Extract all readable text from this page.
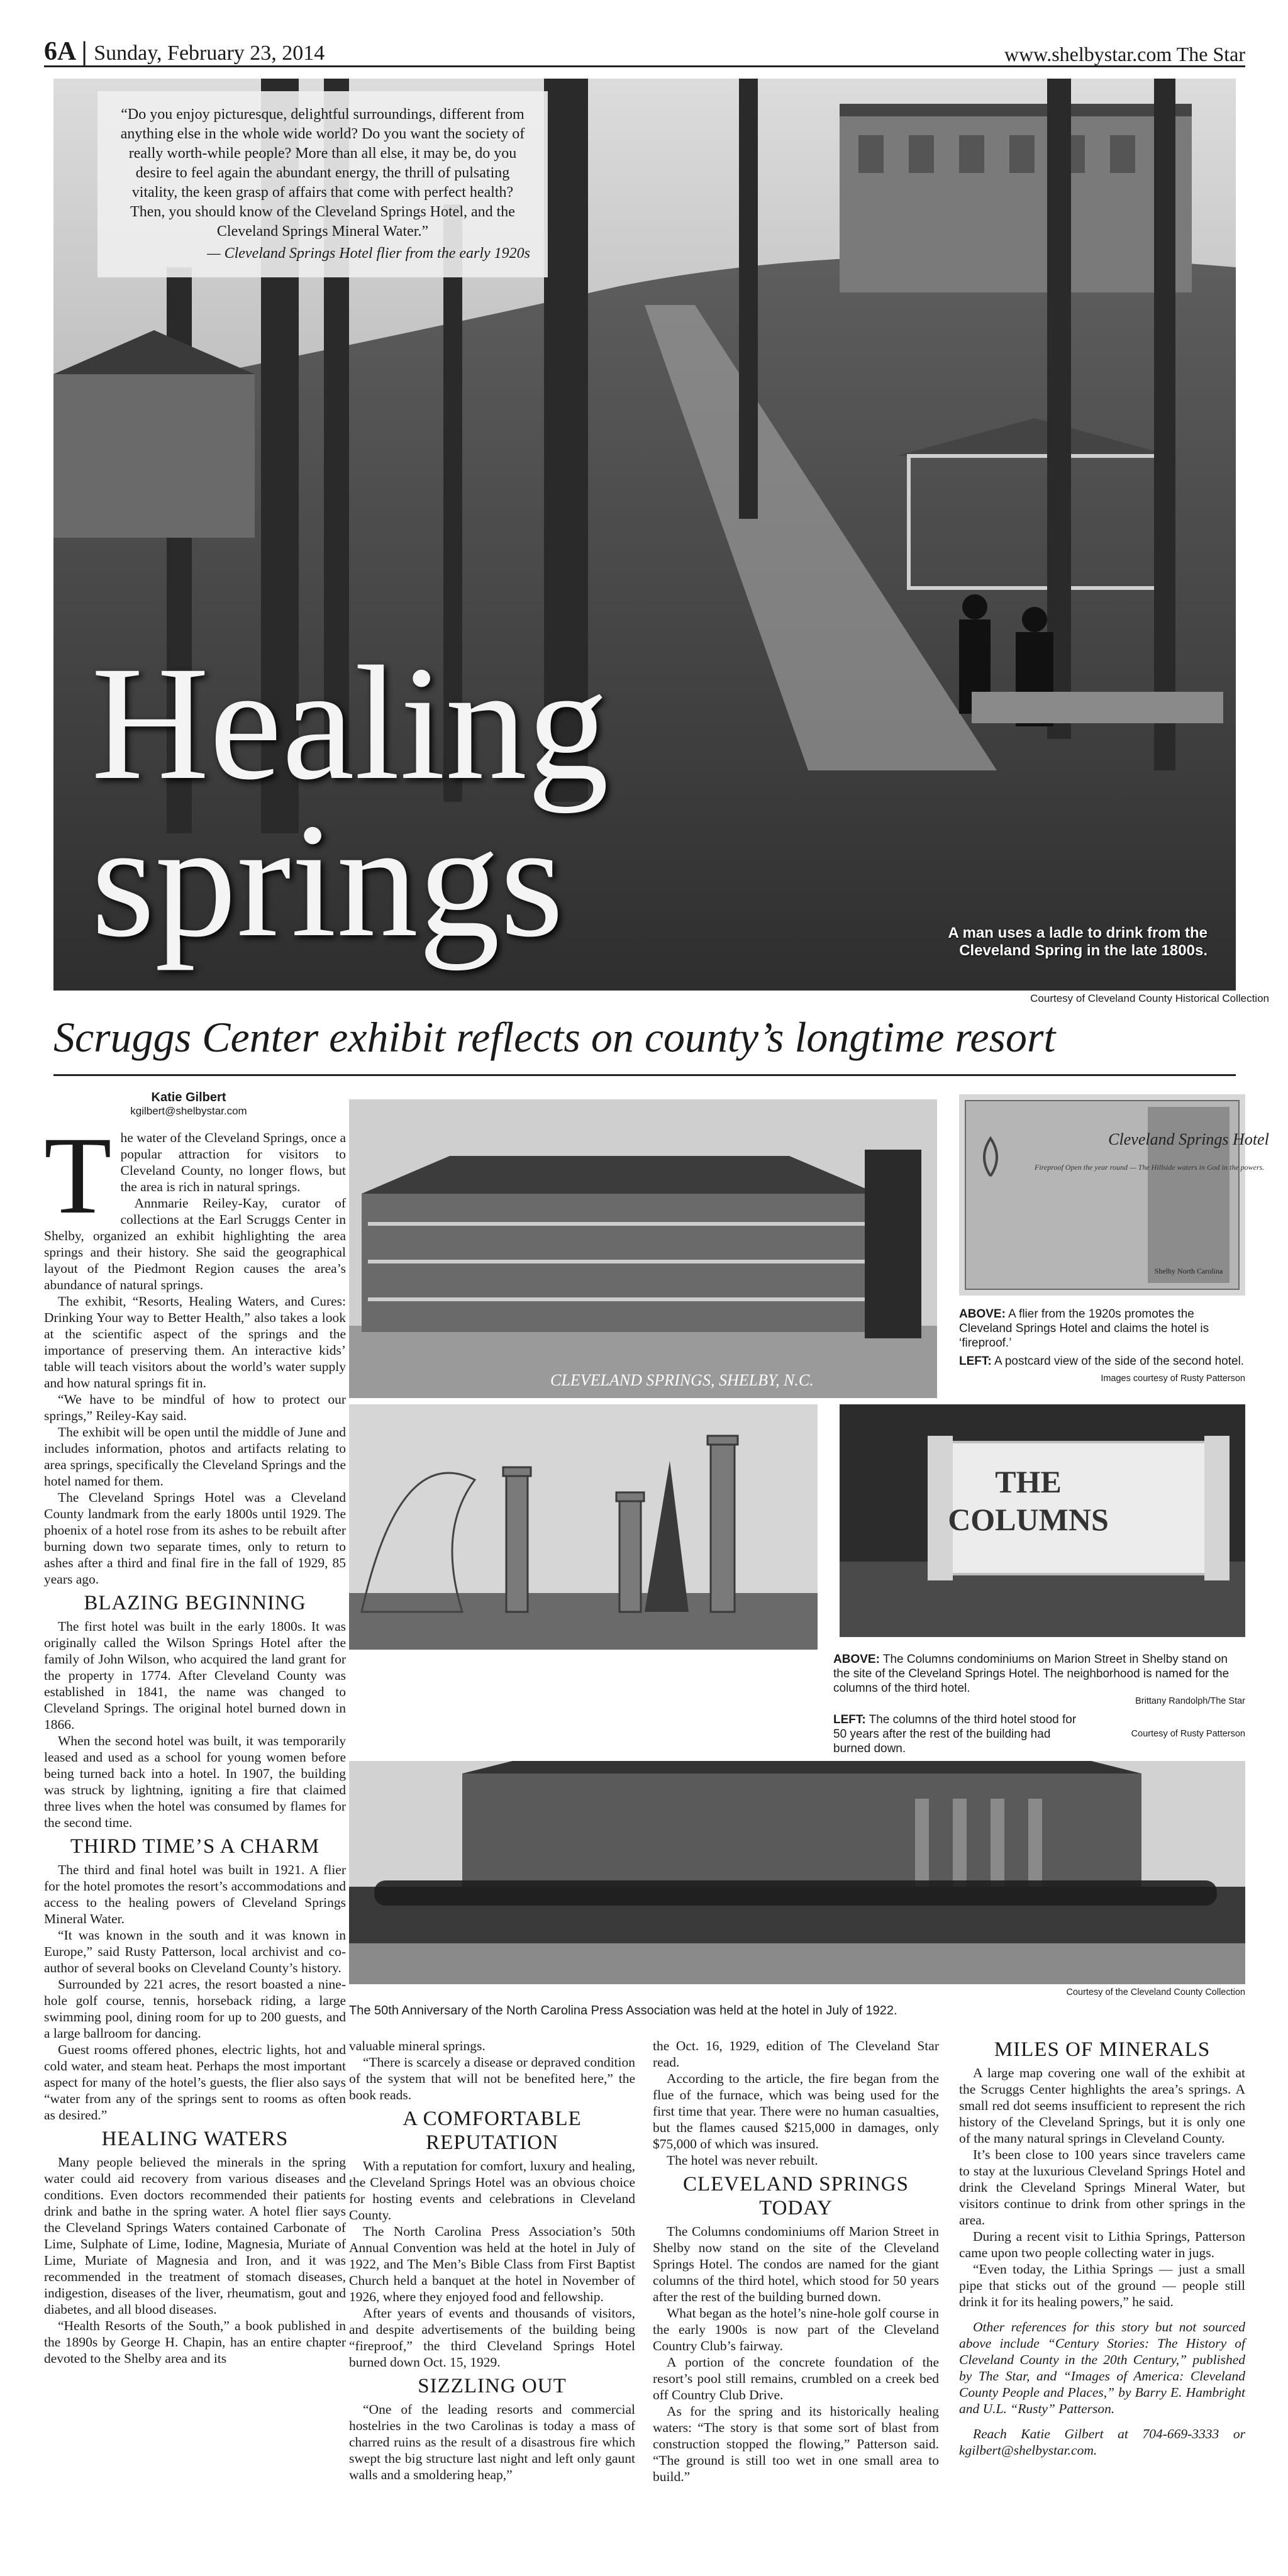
6A | Sunday, February 23, 2014	www.shelbystar.com The Star
“Do you enjoy picturesque, delightful surroundings, different from anything else in the whole wide world? Do you want the society of really worth-while people? More than all else, it may be, do you desire to feel again the abundant energy, the thrill of pulsating vitality, the keen grasp of affairs that come with perfect health? Then, you should know of the Cleveland Springs Hotel, and the Cleveland Springs Mineral Water.”
— Cleveland Springs Hotel flier from the early 1920s
Healing
springs	A man uses a ladle to drink from the Cleveland Spring in the late 1800s.
Courtesy of Cleveland County Historical Collection
Scruggs Center exhibit reflects on county’s longtime resort
Katie Gilbert
kgilbert@shelbystar.com

The water of the Cleveland Springs, once a popular attraction for visitors to Cleveland County, no longer flows, but the area is rich in natural springs.

Annmarie Reiley-Kay, curator of collections at the Earl Scruggs Center in Shelby, organized an exhibit highlighting the area springs and their history. She said the geographical layout of the Piedmont Region causes the area’s abundance of natural springs.

The exhibit, “Resorts, Healing Waters, and Cures: Drinking Your way to Better Health,” also takes a look at the scientific aspect of the springs and the importance of preserving them. An interactive kids’ table will teach visitors about the world’s water supply and how natural springs fit in.

“We have to be mindful of how to protect our springs,” Reiley-Kay said.

The exhibit will be open until the middle of June and includes information, photos and artifacts relating to area springs, specifically the Cleveland Springs and the hotel named for them.

The Cleveland Springs Hotel was a Cleveland County landmark from the early 1800s until 1929. The phoenix of a hotel rose from its ashes to be rebuilt after burning down two separate times, only to return to ashes after a third and final fire in the fall of 1929, 85 years ago.

BLAZING BEGINNING

The first hotel was built in the early 1800s. It was originally called the Wilson Springs Hotel after the family of John Wilson, who acquired the land grant for the property in 1774. After Cleveland County was established in 1841, the name was changed to Cleveland Springs. The original hotel burned down in 1866.

When the second hotel was built, it was temporarily leased and used as a school for young women before being turned back into a hotel. In 1907, the building was struck by lightning, igniting a fire that claimed three lives when the hotel was consumed by flames for the second time.

THIRD TIME’S A CHARM

The third and final hotel was built in 1921. A flier for the hotel promotes the resort’s accommodations and access to the healing powers of Cleveland Springs Mineral Water.

“It was known in the south and it was known in Europe,” said Rusty Patterson, local archivist and co-author of several books on Cleveland County’s history.

Surrounded by 221 acres, the resort boasted a nine-hole golf course, tennis, horseback riding, a large swimming pool, dining room for up to 200 guests, and a large ballroom for dancing.

Guest rooms offered phones, electric lights, hot and cold water, and steam heat. Perhaps the most important aspect for many of the hotel’s guests, the flier also says “water from any of the springs sent to rooms as often as desired.”

HEALING WATERS

Many people believed the minerals in the spring water could aid recovery from various diseases and conditions. Even doctors recommended their patients drink and bathe in the spring water. A hotel flier says the Cleveland Springs Waters contained Carbonate of Lime, Sulphate of Lime, Iodine, Magnesia, Muriate of Lime, Muriate of Magnesia and Iron, and it was recommended in the treatment of stomach diseases, indigestion, diseases of the liver, rheumatism, gout and diabetes, and all blood diseases.

“Health Resorts of the South,” a book published in the 1890s by George H. Chapin, has an entire chapter devoted to the Shelby area and its

CLEVELAND SPRINGS, SHELBY, N.C.
Cleveland Springs Hotel
Fireproof Open the year round — The Hillside waters in God in the powers.
Shelby North Carolina
ABOVE: A flier from the 1920s promotes the Cleveland Springs Hotel and claims the hotel is ‘fireproof.’
LEFT: A postcard view of the side of the second hotel.
Images courtesy of Rusty Patterson
THE
COLUMNS
ABOVE: The Columns condominiums on Marion Street in Shelby stand on the site of the Cleveland Springs Hotel. The neighborhood is named for the columns of the third hotel.
Brittany Randolph/The Star
LEFT: The columns of the third hotel stood for 50 years after the rest of the building had burned down.
Courtesy of Rusty Patterson
Courtesy of the Cleveland County Collection
The 50th Anniversary of the North Carolina Press Association was held at the hotel in July of 1922.

valuable mineral springs.

“There is scarcely a disease or depraved condition of the system that will not be benefited here,” the book reads.

A COMFORTABLE REPUTATION

With a reputation for comfort, luxury and healing, the Cleveland Springs Hotel was an obvious choice for hosting events and celebrations in Cleveland County.

The North Carolina Press Association’s 50th Annual Convention was held at the hotel in July of 1922, and The Men’s Bible Class from First Baptist Church held a banquet at the hotel in November of 1926, where they enjoyed food and fellowship.

After years of events and thousands of visitors, and despite advertisements of the building being “fireproof,” the third Cleveland Springs Hotel burned down Oct. 15, 1929.

SIZZLING OUT

“One of the leading resorts and commercial hostelries in the two Carolinas is today a mass of charred ruins as the result of a disastrous fire which swept the big structure last night and left only gaunt walls and a smoldering heap,”

the Oct. 16, 1929, edition of The Cleveland Star read.

According to the article, the fire began from the flue of the furnace, which was being used for the first time that year. There were no human casualties, but the flames caused $215,000 in damages, only $75,000 of which was insured.

The hotel was never rebuilt.

CLEVELAND SPRINGS TODAY

The Columns condominiums off Marion Street in Shelby now stand on the site of the Cleveland Springs Hotel. The condos are named for the giant columns of the third hotel, which stood for 50 years after the rest of the building burned down.

What began as the hotel’s nine-hole golf course in the early 1900s is now part of the Cleveland Country Club’s fairway.

A portion of the concrete foundation of the resort’s pool still remains, crumbled on a creek bed off Country Club Drive.

As for the spring and its historically healing waters: “The story is that some sort of blast from construction stopped the flowing,” Patterson said. “The ground is still too wet in one small area to build.”

MILES OF MINERALS

A large map covering one wall of the exhibit at the Scruggs Center highlights the area’s springs. A small red dot seems insufficient to represent the rich history of the Cleveland Springs, but it is only one of the many natural springs in Cleveland County.

It’s been close to 100 years since travelers came to stay at the luxurious Cleveland Springs Hotel and drink the Cleveland Springs Mineral Water, but visitors continue to drink from other springs in the area.

During a recent visit to Lithia Springs, Patterson came upon two people collecting water in jugs.

“Even today, the Lithia Springs — just a small pipe that sticks out of the ground — people still drink it for its healing powers,” he said.

Other references for this story but not sourced above include “Century Stories: The History of Cleveland County in the 20th Century,” published by The Star, and “Images of America: Cleveland County People and Places,” by Barry E. Hambright and U.L. “Rusty” Patterson.

Reach Katie Gilbert at 704-669-3333 or kgilbert@shelbystar.com.
